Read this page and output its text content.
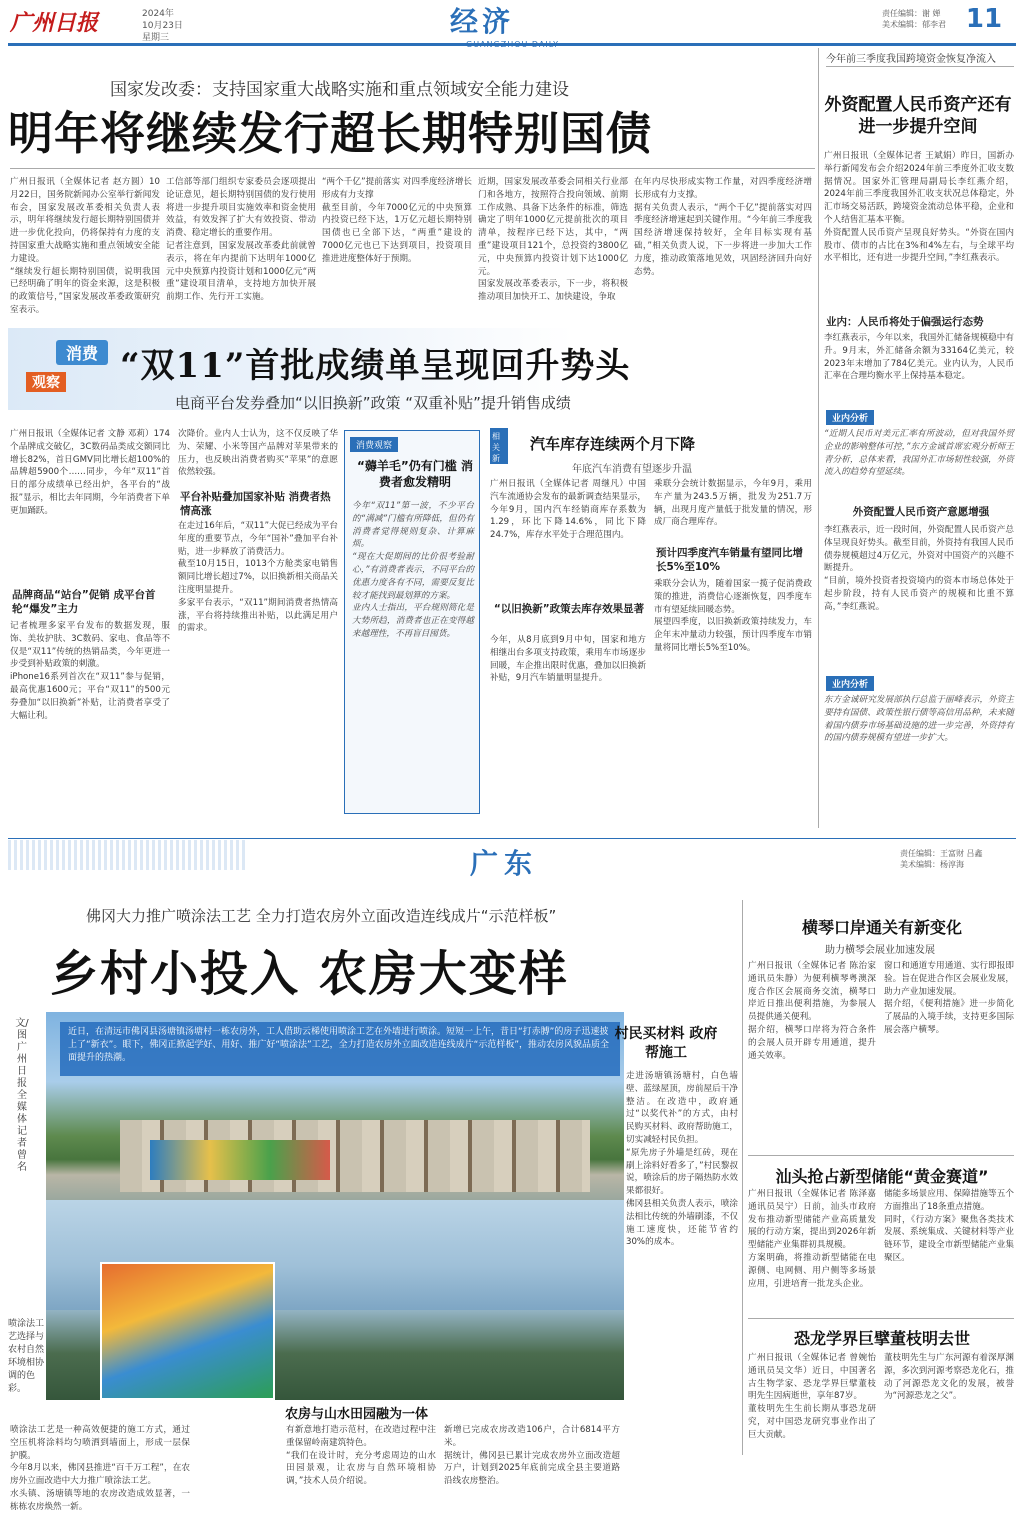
广州日报	2024年
10月23日
星期三	经济
GUANGZHOU DAILY
责任编辑：谢 婵
美术编辑：郁李君 11
国家发改委：支持国家重大战略实施和重点领域安全能力建设
明年将继续发行超长期特别国债
广州日报讯（全媒体记者 赵方圆）10月22日，国务院新闻办公室举行新闻发布会，国家发展改革委相关负责人表示，明年将继续发行超长期特别国债并进一步优化投向，仍将保持有力度的支持国家重大战略实施和重点领域安全能力建设。
“继续发行超长期特别国债，说明我国已经明确了明年的资金来源，这是积极的政策信号，”国家发展改革委政策研究室表示。
工信部等部门组织专家委员会逐项提出论证意见，超长期特别国债的发行使用将进一步提升项目实施效率和资金使用效益，有效发挥了扩大有效投资、带动消费、稳定增长的重要作用。
记者注意到，国家发展改革委此前就曾表示，将在年内提前下达明年1000亿元中央预算内投资计划和1000亿元“两重”建设项目清单，支持地方加快开展前期工作、先行开工实施。
“两个千亿”提前落实 对四季度经济增长形成有力支撑
截至目前，今年7000亿元的中央预算内投资已经下达，1万亿元超长期特别国债也已全部下达，“两重”建设的7000亿元也已下达到项目，投资项目推进进度整体好于预期。
近期，国家发展改革委会同相关行业部门和各地方，按照符合投向领域、前期工作成熟、具备下达条件的标准，筛选确定了明年1000亿元提前批次的项目清单，按程序已经下达，其中，“两重”建设项目121个，总投资约3800亿元，中央预算内投资计划下达1000亿元。
国家发展改革委表示，下一步，将积极推动项目加快开工、加快建设，争取
在年内尽快形成实物工作量，对四季度经济增长形成有力支撑。
据有关负责人表示，“两个千亿”提前落实对四季度经济增速起到关键作用。“今年前三季度我国经济增速保持较好，全年目标实现有基础，”相关负责人说，下一步将进一步加大工作力度，推动政策落地见效，巩固经济回升向好态势。
今年前三季度我国跨境资金恢复净流入
外资配置人民币资产还有进一步提升空间
广州日报讯（全媒体记者 王斌娟）昨日，国新办举行新闻发布会介绍2024年前三季度外汇收支数据情况。国家外汇管理局副局长李红燕介绍，2024年前三季度我国外汇收支状况总体稳定，外汇市场交易活跃，跨境资金流动总体平稳，企业和个人结售汇基本平衡。
外资配置人民币资产呈现良好势头。“外资在国内股市、债市的占比在3%和4%左右，与全球平均水平相比，还有进一步提升空间，”李红燕表示。
业内：人民币将处于偏强运行态势
李红燕表示，今年以来，我国外汇储备规模稳中有升。9月末，外汇储备余额为33164亿美元，较2023年末增加了784亿美元。业内认为，人民币汇率在合理均衡水平上保持基本稳定。
业内分析
“近期人民币对美元汇率有所波动，但对我国外贸企业的影响整体可控，”东方金诚首席宏观分析师王青分析，总体来看，我国外汇市场韧性较强，外资流入的趋势有望延续。
外资配置人民币资产意愿增强
李红燕表示，近一段时间，外资配置人民币资产总体呈现良好势头。截至目前，外资持有我国人民币债券规模超过4万亿元，外资对中国资产的兴趣不断提升。
“目前，境外投资者投资境内的资本市场总体处于起步阶段，持有人民币资产的规模和比重不算高，”李红燕说。
业内分析
东方金诚研究发展部执行总监于丽峰表示，外资主要持有国债、政策性银行债等高信用品种，未来随着国内债券市场基础设施的进一步完善，外资持有的国内债券规模有望进一步扩大。
消费
观察 “双11”首批成绩单呈现回升势头
电商平台发券叠加“以旧换新”政策 “双重补贴”提升销售成绩
广州日报讯（全媒体记者 文静 邓莉）174个品牌成交破亿，3C数码品类成交额同比增长82%，首日GMV同比增长超100%的品牌超5900个……同步，今年“双11”首日的部分成绩单已经出炉，各平台的“战报”显示，相比去年同期，今年消费者下单更加踊跃。
品牌商品“站台”促销 成平台首轮“爆发”主力
记者梳理多家平台发布的数据发现，服饰、美妆护肤、3C数码、家电、食品等不仅是“双11”传统的热销品类，今年更进一步受到补贴政策的刺激。
iPhone16系列首次在“双11”参与促销，最高优惠1600元；平台“双11”的500元券叠加“以旧换新”补贴，让消费者享受了大幅让利。
次降价。业内人士认为，这不仅反映了华为、荣耀、小米等国产品牌对苹果带来的压力，也反映出消费者购买“苹果”的意愿依然较强。
平台补贴叠加国家补贴 消费者热情高涨
在走过16年后，“双11”大促已经成为平台年度的重要节点，今年“国补”叠加平台补贴，进一步释放了消费活力。
截至10月15日，1013个方舱类家电销售额同比增长超过7%，以旧换新相关商品关注度明显提升。
多家平台表示，“双11”期间消费者热情高涨，平台将持续推出补贴，以此满足用户的需求。
消费观察
“薅羊毛”仍有门槛 消费者愈发精明
今年“双11”第一波，不少平台的“满减”门槛有所降低，但仍有消费者觉得规则复杂、计算麻烦。
“现在大促期间的比价很考验耐心，”有消费者表示，不同平台的优惠力度各有不同，需要反复比较才能找到最划算的方案。
业内人士指出，平台规则简化是大势所趋，消费者也正在变得越来越理性，不再盲目囤货。
相关新闻
汽车库存连续两个月下降
年底汽车消费有望逐步升温
广州日报讯（全媒体记者 周继凡）中国汽车流通协会发布的最新调查结果显示，今年9月，国内汽车经销商库存系数为1.29，环比下降14.6%，同比下降24.7%，库存水平处于合理范围内。
“以旧换新”政策去库存效果显著
今年，从8月底到9月中旬，国家和地方相继出台多项支持政策，乘用车市场逐步回暖，车企推出限时优惠，叠加以旧换新补贴，9月汽车销量明显提升。
乘联分会统计数据显示，今年9月，乘用车产量为243.5万辆，批发为251.7万辆，出现月度产量低于批发量的情况，形成厂商合理库存。
预计四季度汽车销量有望同比增长5%至10%
乘联分会认为，随着国家一揽子促消费政策的推进，消费信心逐渐恢复，四季度车市有望延续回暖态势。
展望四季度，以旧换新政策持续发力，车企年末冲量动力较强，预计四季度车市销量将同比增长5%至10%。
广东	责任编辑：王富财 吕鑫
美术编辑：杨淳海
佛冈大力推广喷涂法工艺 全力打造农房外立面改造连线成片“示范样板”
乡村小投入 农房大变样
文/图 广州日报全媒体记者 曾名
近日，在清远市佛冈县汤塘镇汤塘村一栋农房外，工人借助云梯使用喷涂工艺在外墙进行喷涂。短短一上午，昔日“打赤膊”的房子迅速披上了“新衣”。眼下，佛冈正掀起学好、用好、推广好“喷涂法”工艺，全力打造农房外立面改造连线成片“示范样板”，推动农房风貌品质全面提升的热潮。
喷涂法工艺选择与农村自然环境相协调的色彩。
村民买材料 政府帮施工
走进汤塘镇汤塘村，白色墙壁、蓝绿屋顶，房前屋后干净整洁。在改造中，政府通过“以奖代补”的方式，由村民购买材料、政府帮助施工，切实减轻村民负担。
“原先房子外墙是红砖，现在刷上涂料好看多了，”村民黎叔说，喷涂后的房子隔热防水效果都很好。
佛冈县相关负责人表示，喷涂法相比传统的外墙刷漆，不仅施工速度快，还能节省约30%的成本。
农房与山水田园融为一体
喷涂法工艺是一种高效便捷的施工方式，通过空压机将涂料均匀喷洒到墙面上，形成一层保护膜。
今年8月以来，佛冈县推进“百千万工程”，在农房外立面改造中大力推广喷涂法工艺。
水头镇、汤塘镇等地的农房改造成效显著，一栋栋农房焕然一新。
有新意地打造示范村，在改造过程中注重保留岭南建筑特色。
“我们在设计时，充分考虑周边的山水田园景观，让农房与自然环境相协调，”技术人员介绍说。
新增已完成农房改造106户，合计6814平方米。
据统计，佛冈县已累计完成农房外立面改造超万户，计划到2025年底前完成全县主要道路沿线农房整治。
横琴口岸通关有新变化
助力横琴会展业加速发展
广州日报讯（全媒体记者 陈治家 通讯员朱静）为便利横琴粤澳深度合作区会展商务交流，横琴口岸近日推出便利措施，为参展人员提供通关便利。
据介绍，横琴口岸将为符合条件的会展人员开辟专用通道，提升通关效率。
窗口和通道专用通道、实行即报即验。旨在促进合作区会展业发展，助力产业加速发展。
据介绍，《便利措施》进一步简化了展品的入境手续，支持更多国际展会落户横琴。
汕头抢占新型储能“黄金赛道”
广州日报讯（全媒体记者 陈泽嘉 通讯员吴宁）日前，汕头市政府发布推动新型储能产业高质量发展的行动方案，提出到2026年新型储能产业集群初具规模。
方案明确，将推动新型储能在电源侧、电网侧、用户侧等多场景应用，引进培育一批龙头企业。
储能多场景应用、保障措施等五个方面推出了18条重点措施。
同时，《行动方案》聚焦各类技术发展、系统集成、关键材料等产业链环节，建设全市新型储能产业集聚区。
恐龙学界巨擘董枝明去世
广州日报讯（全媒体记者 曾婉怡 通讯员吴文华）近日，中国著名古生物学家、恐龙学界巨擘董枝明先生因病逝世，享年87岁。
董枝明先生生前长期从事恐龙研究，对中国恐龙研究事业作出了巨大贡献。
董枝明先生与广东河源有着深厚渊源，多次到河源考察恐龙化石，推动了河源恐龙文化的发展，被誉为“河源恐龙之父”。
